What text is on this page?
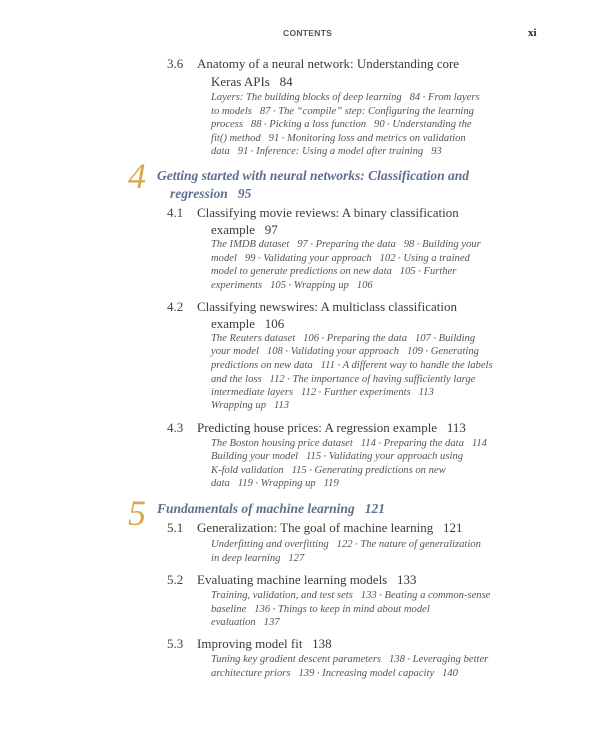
CONTENTS	xi
3.6 Anatomy of a neural network: Understanding core
Keras APIs   84
Layers: The building blocks of deep learning   84 ▪ From layers
to models   87 ▪ The “compile” step: Configuring the learning
process   88 ▪ Picking a loss function   90 ▪ Understanding the
fit() method   91 ▪ Monitoring loss and metrics on validation
data   91 ▪ Inference: Using a model after training   93
4 Getting started with neural networks: Classification and
regression   95
4.1 Classifying movie reviews: A binary classification
example   97
The IMDB dataset   97 ▪ Preparing the data   98 ▪ Building your
model   99 ▪ Validating your approach   102 ▪ Using a trained
model to generate predictions on new data   105 ▪ Further
experiments   105 ▪ Wrapping up   106
4.2 Classifying newswires: A multiclass classification
example   106
The Reuters dataset   106 ▪ Preparing the data   107 ▪ Building
your model   108 ▪ Validating your approach   109 ▪ Generating
predictions on new data   111 ▪ A different way to handle the labels
and the loss   112 ▪ The importance of having sufficiently large
intermediate layers   112 ▪ Further experiments   113
Wrapping up   113
4.3 Predicting house prices: A regression example   113
The Boston housing price dataset   114 ▪ Preparing the data   114
Building your model   115 ▪ Validating your approach using
K-fold validation   115 ▪ Generating predictions on new
data   119 ▪ Wrapping up   119
5 Fundamentals of machine learning   121
5.1 Generalization: The goal of machine learning   121
Underfitting and overfitting   122 ▪ The nature of generalization
in deep learning   127
5.2 Evaluating machine learning models   133
Training, validation, and test sets   133 ▪ Beating a common-sense
baseline   136 ▪ Things to keep in mind about model
evaluation   137
5.3 Improving model fit   138
Tuning key gradient descent parameters   138 ▪ Leveraging better
architecture priors   139 ▪ Increasing model capacity   140
